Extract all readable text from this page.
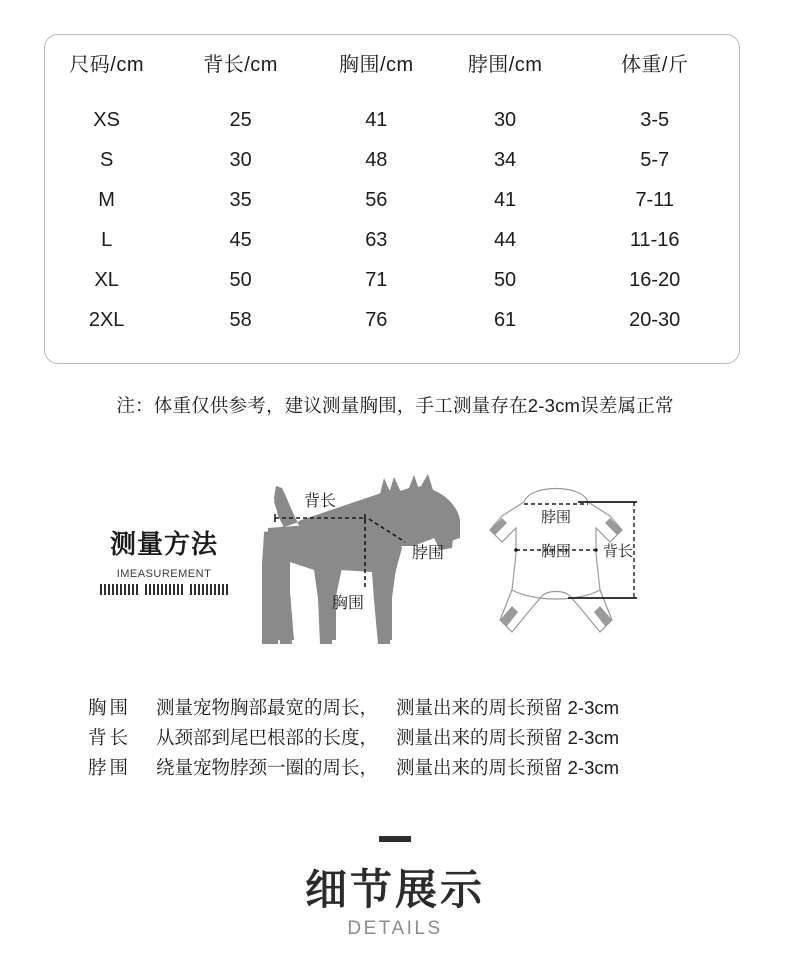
尺码/cm	背长/cm	胸围/cm	脖围/cm	体重/斤
XS	25	41	30	3-5
S	30	48	34	5-7
M	35	56	41	7-11
L	45	63	44	11-16
XL	50	71	50	16-20
2XL	58	76	61	20-30
注：体重仅供参考，建议测量胸围，手工测量存在2-3cm误差属正常
测量方法
imeasurement
背长
脖围
胸围
脖围
胸围 背长
胸围	测量宠物胸部最宽的周长， 测量出来的周长预留 2-3cm
背长	从颈部到尾巴根部的长度， 测量出来的周长预留 2-3cm
脖围	绕量宠物脖颈一圈的周长， 测量出来的周长预留 2-3cm
细节展示
DETAILS
